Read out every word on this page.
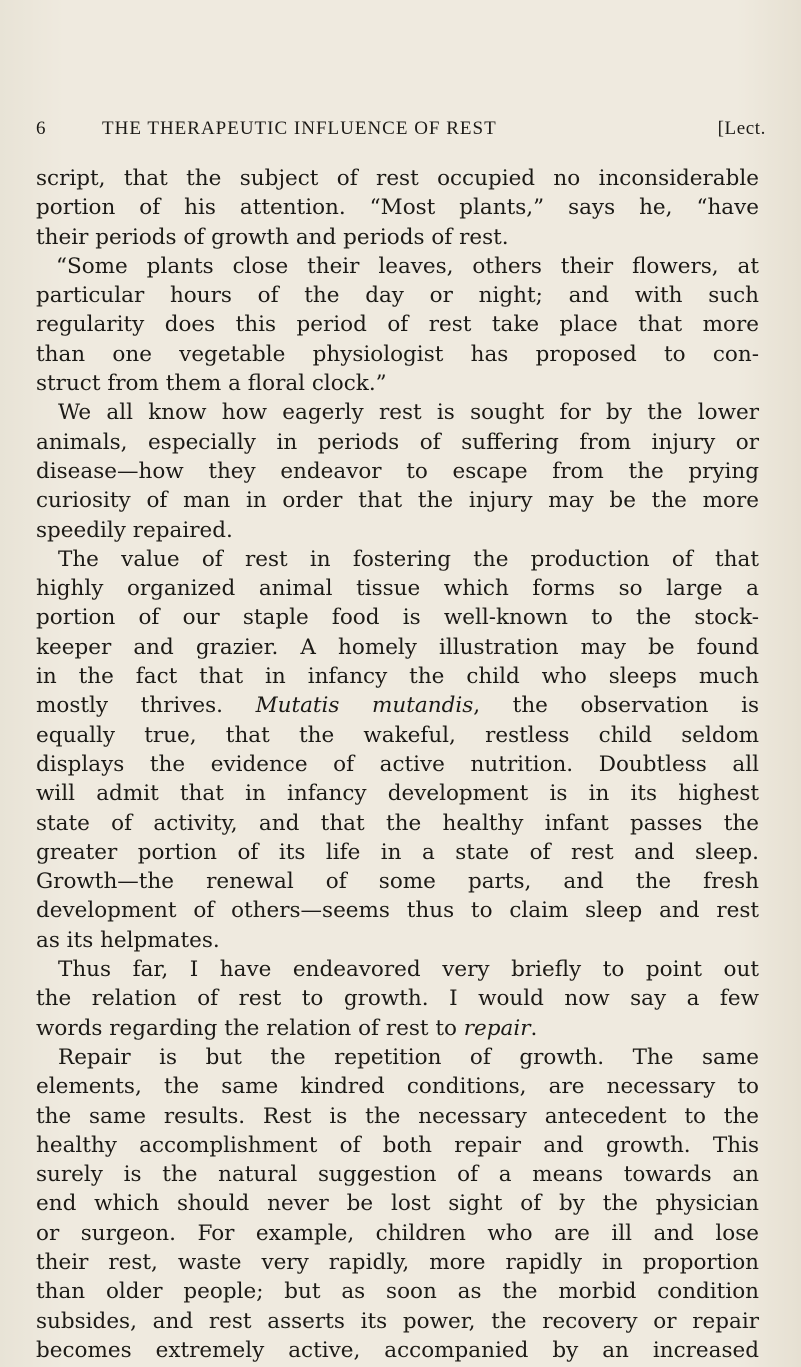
6	THE THERAPEUTIC INFLUENCE OF REST	[Lect.
script, that the subject of rest occupied no inconsiderable
portion of his attention. “Most plants,” says he, “have
their periods of growth and periods of rest.
“Some plants close their leaves, others their flowers, at
particular hours of the day or night; and with such
regularity does this period of rest take place that more
than one vegetable physiologist has proposed to con-
struct from them a floral clock.”
We all know how eagerly rest is sought for by the lower
animals, especially in periods of suffering from injury or
disease—how they endeavor to escape from the prying
curiosity of man in order that the injury may be the more
speedily repaired.
The value of rest in fostering the production of that
highly organized animal tissue which forms so large a
portion of our staple food is well-known to the stock-
keeper and grazier. A homely illustration may be found
in the fact that in infancy the child who sleeps much
mostly thrives. Mutatis mutandis, the observation is
equally true, that the wakeful, restless child seldom
displays the evidence of active nutrition. Doubtless all
will admit that in infancy development is in its highest
state of activity, and that the healthy infant passes the
greater portion of its life in a state of rest and sleep.
Growth—the renewal of some parts, and the fresh
development of others—seems thus to claim sleep and rest
as its helpmates.
Thus far, I have endeavored very briefly to point out
the relation of rest to growth. I would now say a few
words regarding the relation of rest to repair.
Repair is but the repetition of growth. The same
elements, the same kindred conditions, are necessary to
the same results. Rest is the necessary antecedent to the
healthy accomplishment of both repair and growth. This
surely is the natural suggestion of a means towards an
end which should never be lost sight of by the physician
or surgeon. For example, children who are ill and lose
their rest, waste very rapidly, more rapidly in proportion
than older people; but as soon as the morbid condition
subsides, and rest asserts its power, the recovery or repair
becomes extremely active, accompanied by an increased
